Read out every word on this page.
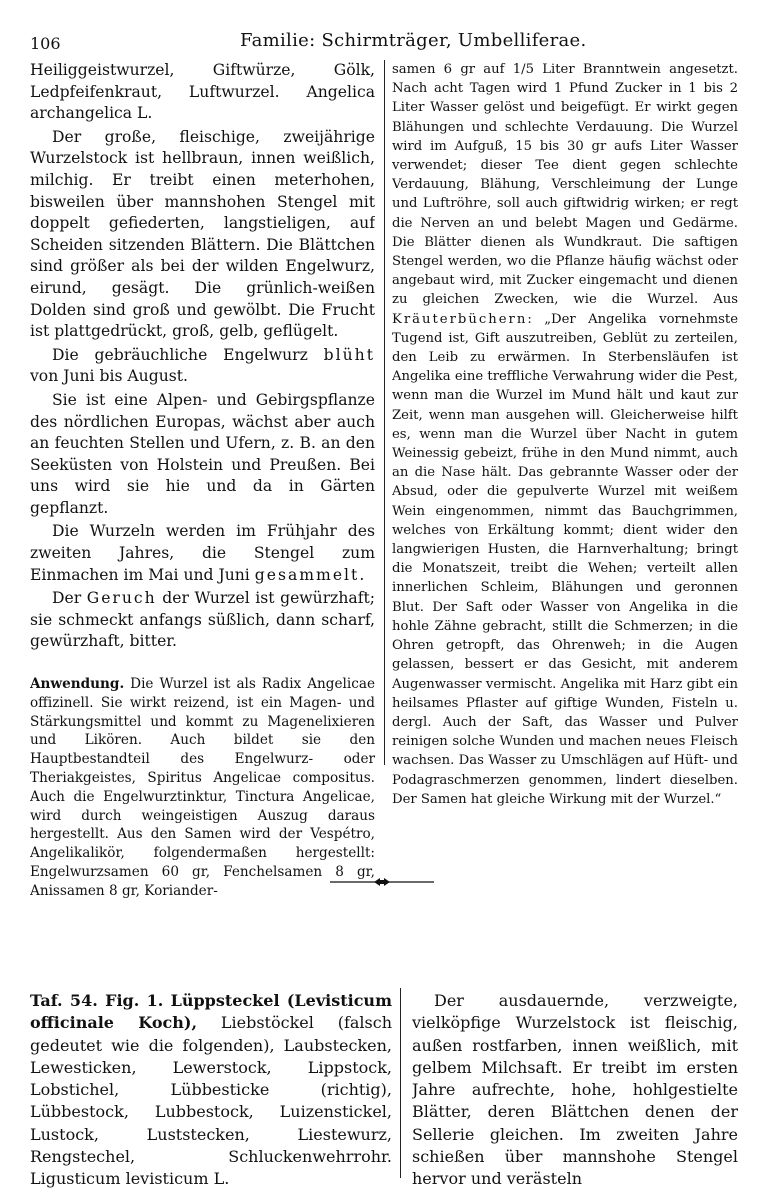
106	Familie: Schirmträger, Umbelliferae.

Heiliggeistwurzel, Giftwürze, Gölk, Ledpfeifenkraut, Luftwurzel. Angelica archangelica L.

Der große, fleischige, zweijährige Wurzelstock ist hellbraun, innen weißlich, milchig. Er treibt einen meterhohen, bisweilen über mannshohen Stengel mit doppelt gefiederten, langstieligen, auf Scheiden sitzenden Blättern. Die Blättchen sind größer als bei der wilden Engelwurz, eirund, gesägt. Die grünlich-weißen Dolden sind groß und gewölbt. Die Frucht ist plattgedrückt, groß, gelb, geflügelt.

Die gebräuchliche Engelwurz blüht von Juni bis August.

Sie ist eine Alpen- und Gebirgspflanze des nördlichen Europas, wächst aber auch an feuchten Stellen und Ufern, z. B. an den Seeküsten von Holstein und Preußen. Bei uns wird sie hie und da in Gärten gepflanzt.

Die Wurzeln werden im Frühjahr des zweiten Jahres, die Stengel zum Einmachen im Mai und Juni gesammelt.

Der Geruch der Wurzel ist gewürzhaft; sie schmeckt anfangs süßlich, dann scharf, gewürzhaft, bitter.

Anwendung. Die Wurzel ist als Radix Angelicae offizinell. Sie wirkt reizend, ist ein Magen- und Stärkungsmittel und kommt zu Magenelixieren und Likören. Auch bildet sie den Hauptbestandteil des Engelwurz- oder Theriakgeistes, Spiritus Angelicae compositus. Auch die Engelwurztinktur, Tinctura Angelicae, wird durch weingeistigen Auszug daraus hergestellt. Aus den Samen wird der Vespétro, Angelikalikör, folgendermaßen hergestellt: Engelwurzsamen 60 gr, Fenchelsamen 8 gr, Anissamen 8 gr, Koriander-

samen 6 gr auf 1/5 Liter Branntwein angesetzt. Nach acht Tagen wird 1 Pfund Zucker in 1 bis 2 Liter Wasser gelöst und beigefügt. Er wirkt gegen Blähungen und schlechte Verdauung. Die Wurzel wird im Aufguß, 15 bis 30 gr aufs Liter Wasser verwendet; dieser Tee dient gegen schlechte Verdauung, Blähung, Verschleimung der Lunge und Luftröhre, soll auch giftwidrig wirken; er regt die Nerven an und belebt Magen und Gedärme. Die Blätter dienen als Wundkraut. Die saftigen Stengel werden, wo die Pflanze häufig wächst oder angebaut wird, mit Zucker eingemacht und dienen zu gleichen Zwecken, wie die Wurzel. Aus Kräuterbüchern: „Der Angelika vornehmste Tugend ist, Gift auszutreiben, Geblüt zu zerteilen, den Leib zu erwärmen. In Sterbensläufen ist Angelika eine treffliche Verwahrung wider die Pest, wenn man die Wurzel im Mund hält und kaut zur Zeit, wenn man ausgehen will. Gleicherweise hilft es, wenn man die Wurzel über Nacht in gutem Weinessig gebeizt, frühe in den Mund nimmt, auch an die Nase hält. Das gebrannte Wasser oder der Absud, oder die gepulverte Wurzel mit weißem Wein eingenommen, nimmt das Bauchgrimmen, welches von Erkältung kommt; dient wider den langwierigen Husten, die Harnverhaltung; bringt die Monatszeit, treibt die Wehen; verteilt allen innerlichen Schleim, Blähungen und geronnen Blut. Der Saft oder Wasser von Angelika in die hohle Zähne gebracht, stillt die Schmerzen; in die Ohren getropft, das Ohrenweh; in die Augen gelassen, bessert er das Gesicht, mit anderem Augenwasser vermischt. Angelika mit Harz gibt ein heilsames Pflaster auf giftige Wunden, Fisteln u. dergl. Auch der Saft, das Wasser und Pulver reinigen solche Wunden und machen neues Fleisch wachsen. Das Wasser zu Umschlägen auf Hüft- und Podagraschmerzen genommen, lindert dieselben. Der Samen hat gleiche Wirkung mit der Wurzel.“

Taf. 54. Fig. 1. Lüppsteckel (Levisticum officinale Koch), Liebstöckel (falsch gedeutet wie die folgenden), Laubstecken, Lewesticken, Lewerstock, Lippstock, Lobstichel, Lübbesticke (richtig), Lübbestock, Lubbestock, Luizenstickel, Lustock, Luststecken, Liestewurz, Rengstechel, Schluckenwehrrohr. Ligusticum levisticum L.

Der ausdauernde, verzweigte, vielköpfige Wurzelstock ist fleischig, außen rostfarben, innen weißlich, mit gelbem Milchsaft. Er treibt im ersten Jahre aufrechte, hohe, hohlgestielte Blätter, deren Blättchen denen der Sellerie gleichen. Im zweiten Jahre schießen über mannshohe Stengel hervor und verästeln
